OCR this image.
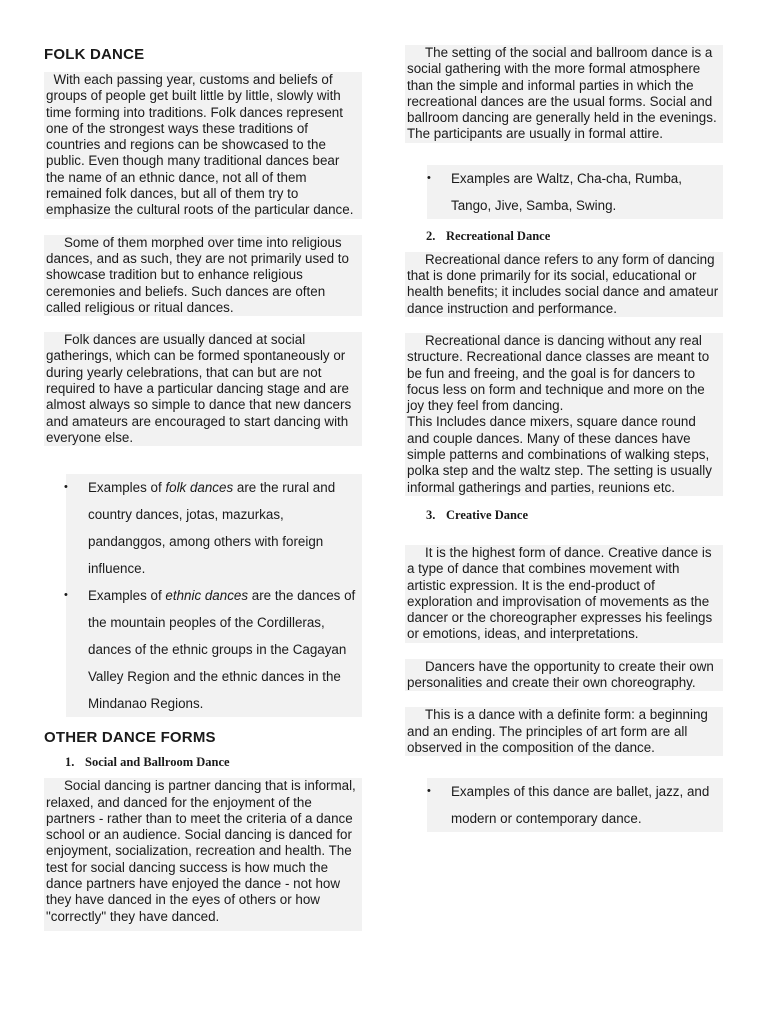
FOLK DANCE
With each passing year, customs and beliefs of groups of people get built little by little, slowly with time forming into traditions. Folk dances represent one of the strongest ways these traditions of countries and regions can be showcased to the public. Even though many traditional dances bear the name of an ethnic dance, not all of them remained folk dances, but all of them try to emphasize the cultural roots of the particular dance.
Some of them morphed over time into religious dances, and as such, they are not primarily used to showcase tradition but to enhance religious ceremonies and beliefs. Such dances are often called religious or ritual dances.
Folk dances are usually danced at social gatherings, which can be formed spontaneously or during yearly celebrations, that can but are not required to have a particular dancing stage and are almost always so simple to dance that new dancers and amateurs are encouraged to start dancing with everyone else.
• Examples of folk dances are the rural and country dances, jotas, mazurkas, pandanggos, among others with foreign influence.
• Examples of ethnic dances are the dances of the mountain peoples of the Cordilleras, dances of the ethnic groups in the Cagayan Valley Region and the ethnic dances in the Mindanao Regions.
OTHER DANCE FORMS
1. Social and Ballroom Dance
Social dancing is partner dancing that is informal, relaxed, and danced for the enjoyment of the partners - rather than to meet the criteria of a dance school or an audience. Social dancing is danced for enjoyment, socialization, recreation and health. The test for social dancing success is how much the dance partners have enjoyed the dance - not how they have danced in the eyes of others or how "correctly" they have danced.
The setting of the social and ballroom dance is a social gathering with the more formal atmosphere than the simple and informal parties in which the recreational dances are the usual forms. Social and ballroom dancing are generally held in the evenings. The participants are usually in formal attire.
• Examples are Waltz, Cha-cha, Rumba, Tango, Jive, Samba, Swing.
2. Recreational Dance
Recreational dance refers to any form of dancing that is done primarily for its social, educational or health benefits; it includes social dance and amateur dance instruction and performance.
Recreational dance is dancing without any real structure. Recreational dance classes are meant to be fun and freeing, and the goal is for dancers to focus less on form and technique and more on the joy they feel from dancing.
This Includes dance mixers, square dance round and couple dances. Many of these dances have simple patterns and combinations of walking steps, polka step and the waltz step. The setting is usually informal gatherings and parties, reunions etc.
3. Creative Dance
It is the highest form of dance. Creative dance is a type of dance that combines movement with artistic expression. It is the end-product of exploration and improvisation of movements as the dancer or the choreographer expresses his feelings or emotions, ideas, and interpretations.
Dancers have the opportunity to create their own personalities and create their own choreography.
This is a dance with a definite form: a beginning and an ending. The principles of art form are all observed in the composition of the dance.
• Examples of this dance are ballet, jazz, and modern or contemporary dance.
